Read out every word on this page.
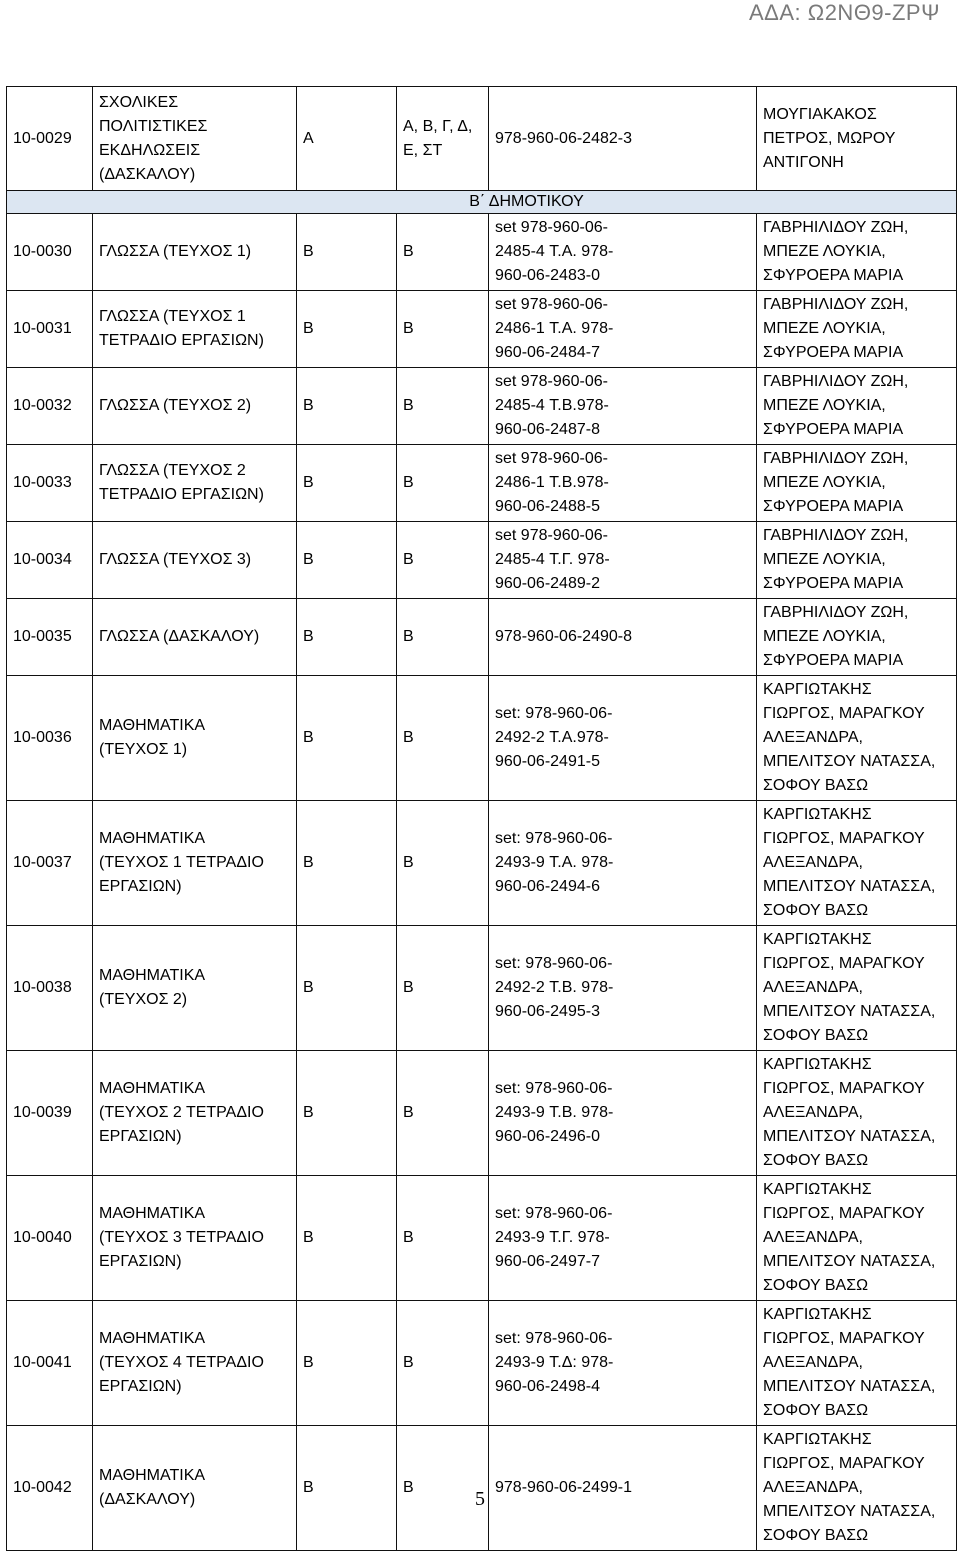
ΑΔΑ: Ω2ΝΘ9-ΖΡΨ
10-0029	ΣΧΟΛΙΚΕΣ
ΠΟΛΙΤΙΣΤΙΚΕΣ
ΕΚΔΗΛΩΣΕΙΣ
(ΔΑΣΚΑΛΟΥ)	Α	Α, Β, Γ, Δ, Ε, ΣΤ	978-960-06-2482-3	ΜΟΥΓΙΑΚΑΚΟΣ
ΠΕΤΡΟΣ, ΜΩΡΟΥ
ΑΝΤΙΓΟΝΗ
		Β΄ ΔΗΜΟΤΙΚΟΥ			
10-0030	ΓΛΩΣΣΑ (ΤΕΥΧΟΣ 1)	Β	Β	set 978-960-06-
2485-4 Τ.Α. 978-
960-06-2483-0	ΓΑΒΡΗΙΛΙΔΟΥ ΖΩΗ,
ΜΠΕΖΕ ΛΟΥΚΙΑ,
ΣΦΥΡΟΕΡΑ ΜΑΡΙΑ
10-0031	ΓΛΩΣΣΑ (ΤΕΥΧΟΣ 1
ΤΕΤΡΑΔΙΟ ΕΡΓΑΣΙΩΝ)	Β	Β	set 978-960-06-
2486-1 Τ.Α. 978-
960-06-2484-7	ΓΑΒΡΗΙΛΙΔΟΥ ΖΩΗ,
ΜΠΕΖΕ ΛΟΥΚΙΑ,
ΣΦΥΡΟΕΡΑ ΜΑΡΙΑ
10-0032	ΓΛΩΣΣΑ (ΤΕΥΧΟΣ 2)	Β	Β	set 978-960-06-
2485-4 Τ.Β.978-
960-06-2487-8	ΓΑΒΡΗΙΛΙΔΟΥ ΖΩΗ,
ΜΠΕΖΕ ΛΟΥΚΙΑ,
ΣΦΥΡΟΕΡΑ ΜΑΡΙΑ
10-0033	ΓΛΩΣΣΑ (ΤΕΥΧΟΣ 2
ΤΕΤΡΑΔΙΟ ΕΡΓΑΣΙΩΝ)	Β	Β	set 978-960-06-
2486-1 Τ.Β.978-
960-06-2488-5	ΓΑΒΡΗΙΛΙΔΟΥ ΖΩΗ,
ΜΠΕΖΕ ΛΟΥΚΙΑ,
ΣΦΥΡΟΕΡΑ ΜΑΡΙΑ
10-0034	ΓΛΩΣΣΑ (ΤΕΥΧΟΣ 3)	Β	Β	set 978-960-06-
2485-4 Τ.Γ. 978-
960-06-2489-2	ΓΑΒΡΗΙΛΙΔΟΥ ΖΩΗ,
ΜΠΕΖΕ ΛΟΥΚΙΑ,
ΣΦΥΡΟΕΡΑ ΜΑΡΙΑ
10-0035	ΓΛΩΣΣΑ (ΔΑΣΚΑΛΟΥ)	Β	Β	978-960-06-2490-8	ΓΑΒΡΗΙΛΙΔΟΥ ΖΩΗ,
ΜΠΕΖΕ ΛΟΥΚΙΑ,
ΣΦΥΡΟΕΡΑ ΜΑΡΙΑ
10-0036	ΜΑΘΗΜΑΤΙΚΑ
(ΤΕΥΧΟΣ 1)	Β	Β	set: 978-960-06-
2492-2 Τ.Α.978-
960-06-2491-5	ΚΑΡΓΙΩΤΑΚΗΣ
ΓΙΩΡΓΟΣ, ΜΑΡΑΓΚΟΥ
ΑΛΕΞΑΝΔΡΑ,
ΜΠΕΛΙΤΣΟΥ ΝΑΤΑΣΣΑ,
ΣΟΦΟΥ ΒΑΣΩ
10-0037	ΜΑΘΗΜΑΤΙΚΑ
(ΤΕΥΧΟΣ 1 ΤΕΤΡΑΔΙΟ
ΕΡΓΑΣΙΩΝ)	Β	Β	set: 978-960-06-
2493-9 Τ.Α. 978-
960-06-2494-6	ΚΑΡΓΙΩΤΑΚΗΣ
ΓΙΩΡΓΟΣ, ΜΑΡΑΓΚΟΥ
ΑΛΕΞΑΝΔΡΑ,
ΜΠΕΛΙΤΣΟΥ ΝΑΤΑΣΣΑ,
ΣΟΦΟΥ ΒΑΣΩ
10-0038	ΜΑΘΗΜΑΤΙΚΑ
(ΤΕΥΧΟΣ 2)	Β	Β	set: 978-960-06-
2492-2 Τ.Β. 978-
960-06-2495-3	ΚΑΡΓΙΩΤΑΚΗΣ
ΓΙΩΡΓΟΣ, ΜΑΡΑΓΚΟΥ
ΑΛΕΞΑΝΔΡΑ,
ΜΠΕΛΙΤΣΟΥ ΝΑΤΑΣΣΑ,
ΣΟΦΟΥ ΒΑΣΩ
10-0039	ΜΑΘΗΜΑΤΙΚΑ
(ΤΕΥΧΟΣ 2 ΤΕΤΡΑΔΙΟ
ΕΡΓΑΣΙΩΝ)	Β	Β	set: 978-960-06-
2493-9 Τ.Β. 978-
960-06-2496-0	ΚΑΡΓΙΩΤΑΚΗΣ
ΓΙΩΡΓΟΣ, ΜΑΡΑΓΚΟΥ
ΑΛΕΞΑΝΔΡΑ,
ΜΠΕΛΙΤΣΟΥ ΝΑΤΑΣΣΑ,
ΣΟΦΟΥ ΒΑΣΩ
10-0040	ΜΑΘΗΜΑΤΙΚΑ
(ΤΕΥΧΟΣ 3 ΤΕΤΡΑΔΙΟ
ΕΡΓΑΣΙΩΝ)	Β	Β	set: 978-960-06-
2493-9 Τ.Γ. 978-
960-06-2497-7	ΚΑΡΓΙΩΤΑΚΗΣ
ΓΙΩΡΓΟΣ, ΜΑΡΑΓΚΟΥ
ΑΛΕΞΑΝΔΡΑ,
ΜΠΕΛΙΤΣΟΥ ΝΑΤΑΣΣΑ,
ΣΟΦΟΥ ΒΑΣΩ
10-0041	ΜΑΘΗΜΑΤΙΚΑ
(ΤΕΥΧΟΣ 4 ΤΕΤΡΑΔΙΟ
ΕΡΓΑΣΙΩΝ)	Β	Β	set: 978-960-06-
2493-9 Τ.Δ: 978-
960-06-2498-4	ΚΑΡΓΙΩΤΑΚΗΣ
ΓΙΩΡΓΟΣ, ΜΑΡΑΓΚΟΥ
ΑΛΕΞΑΝΔΡΑ,
ΜΠΕΛΙΤΣΟΥ ΝΑΤΑΣΣΑ,
ΣΟΦΟΥ ΒΑΣΩ
10-0042	ΜΑΘΗΜΑΤΙΚΑ
(ΔΑΣΚΑΛΟΥ)	Β	Β	978-960-06-2499-1	ΚΑΡΓΙΩΤΑΚΗΣ
ΓΙΩΡΓΟΣ, ΜΑΡΑΓΚΟΥ
ΑΛΕΞΑΝΔΡΑ,
ΜΠΕΛΙΤΣΟΥ ΝΑΤΑΣΣΑ,
ΣΟΦΟΥ ΒΑΣΩ
5
